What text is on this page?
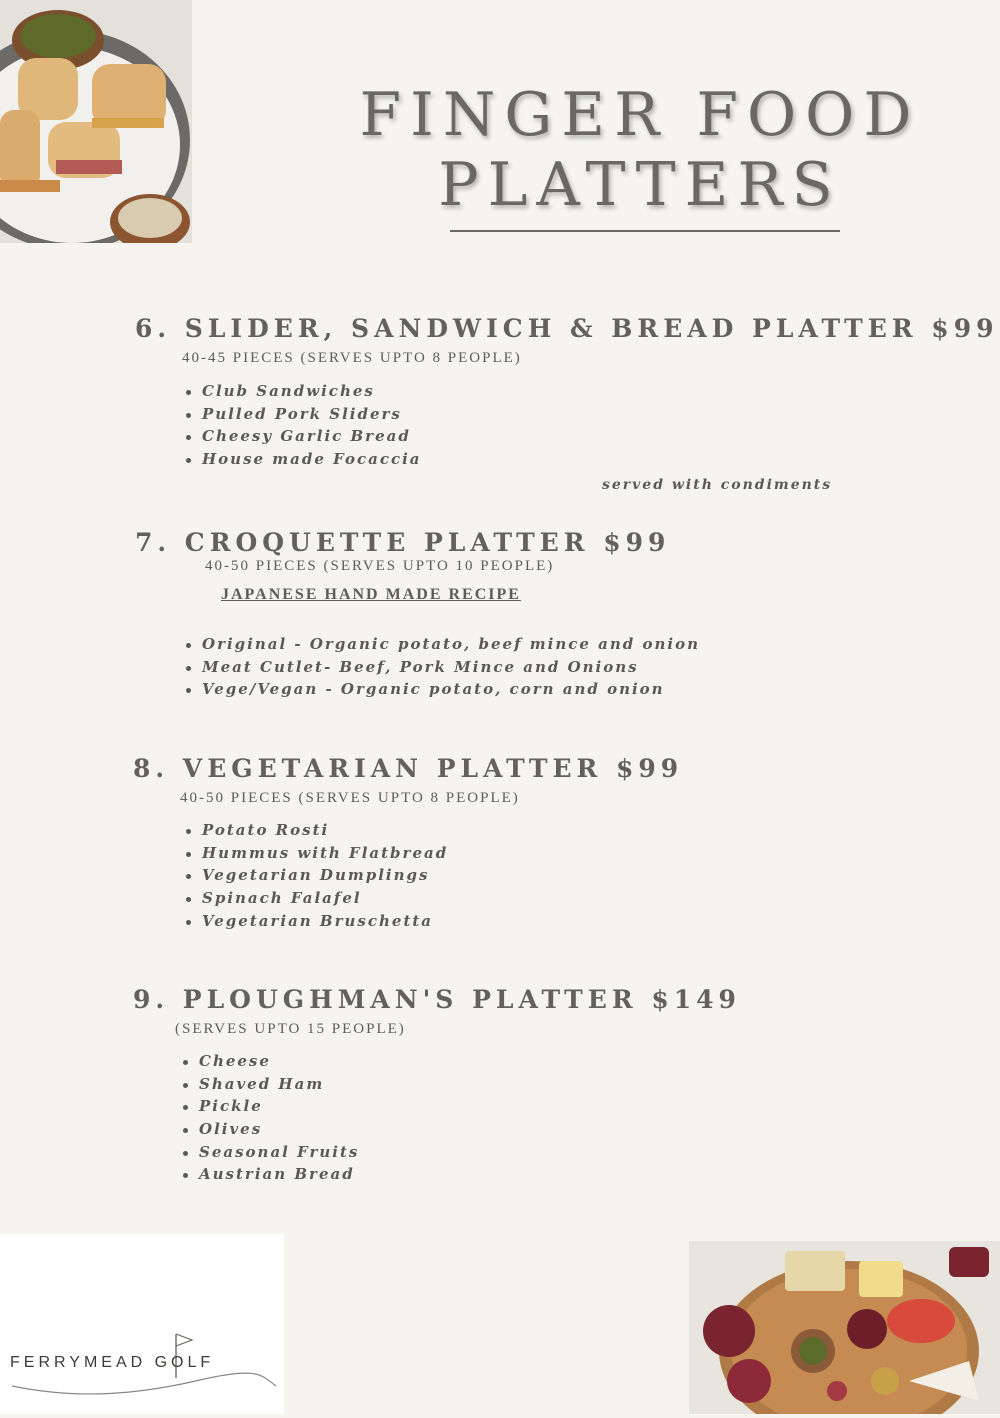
FINGER FOOD
PLATTERS
6. SLIDER, SANDWICH & BREAD PLATTER $99
40-45 PIECES (SERVES UPTO 8 PEOPLE)
Club Sandwiches
Pulled Pork Sliders
Cheesy Garlic Bread
House made Focaccia
served with condiments
7. CROQUETTE PLATTER $99
40-50 PIECES (SERVES UPTO 10 PEOPLE)
JAPANESE HAND MADE RECIPE
Original - Organic potato, beef mince and onion
Meat Cutlet- Beef, Pork Mince and Onions
Vege/Vegan - Organic potato, corn and onion
8. VEGETARIAN PLATTER $99
40-50 PIECES (SERVES UPTO 8 PEOPLE)
Potato Rosti
Hummus with Flatbread
Vegetarian Dumplings
Spinach Falafel
Vegetarian Bruschetta
9. PLOUGHMAN'S PLATTER $149
(SERVES UPTO 15 PEOPLE)
Cheese
Shaved Ham
Pickle
Olives
Seasonal Fruits
Austrian Bread
FERRYMEAD GOLF
